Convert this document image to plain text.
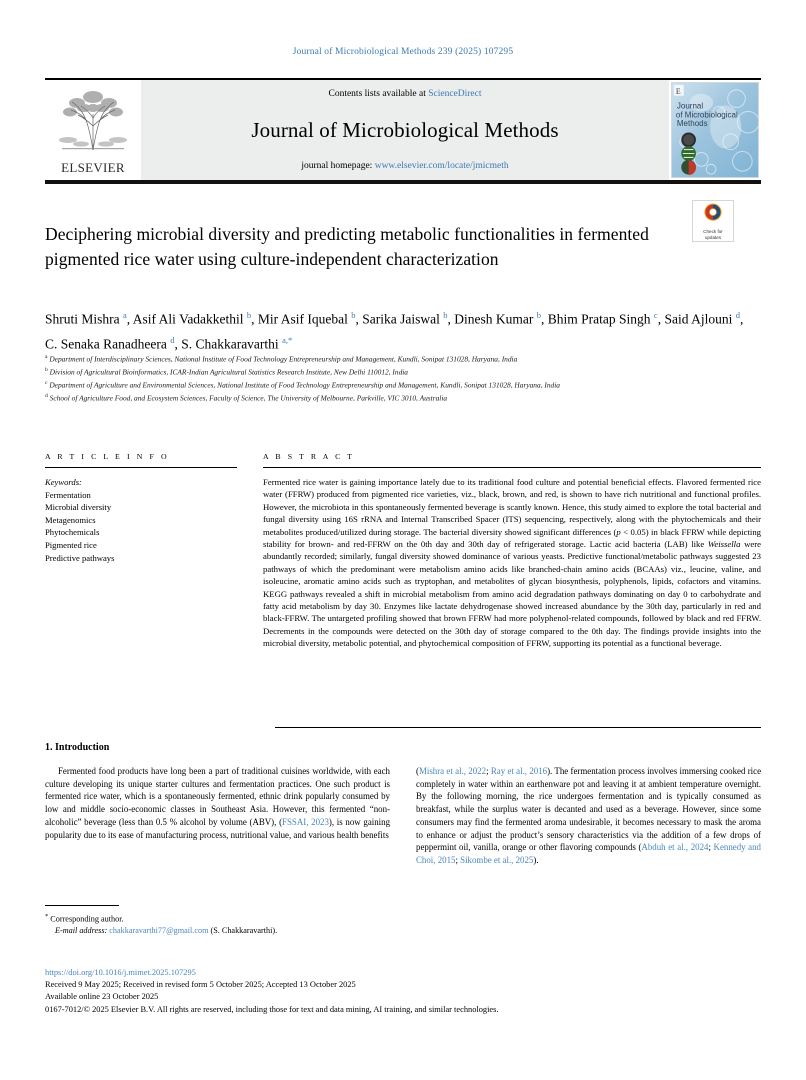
Journal of Microbiological Methods 239 (2025) 107295
ELSEVIER
Contents lists available at ScienceDirect
Journal of Microbiological Methods
journal homepage: www.elsevier.com/locate/jmicmeth
E
Journal
of Microbiological
Methods
Check for
updates
Deciphering microbial diversity and predicting metabolic functionalities in fermented pigmented rice water using culture-independent characterization
Shruti Mishra $^a$, Asif Ali Vadakkethil $^b$, Mir Asif Iquebal $^b$, Sarika Jaiswal $^b$, Dinesh Kumar $^b$, Bhim Pratap Singh $^c$, Said Ajlouni $^d$, C. Senaka Ranadheera $^d$, S. Chakkaravarthi $^{a,*}$
$^a$ Department of Interdisciplinary Sciences, National Institute of Food Technology Entrepreneurship and Management, Kundli, Sonipat 131028, Haryana, India
$^b$ Division of Agricultural Bioinformatics, ICAR-Indian Agricultural Statistics Research Institute, New Delhi 110012, India
$^c$ Department of Agriculture and Environmental Sciences, National Institute of Food Technology Entrepreneurship and Management, Kundli, Sonipat 131028, Haryana, India
$^d$ School of Agriculture Food, and Ecosystem Sciences, Faculty of Science, The University of Melbourne, Parkville, VIC 3010, Australia
A R T I C L E I N F O
Keywords:
Fermentation
Microbial diversity
Metagenomics
Phytochemicals
Pigmented rice
Predictive pathways
A B S T R A C T
Fermented rice water is gaining importance lately due to its traditional food culture and potential beneficial effects. Flavored fermented rice water (FFRW) produced from pigmented rice varieties, viz., black, brown, and red, is shown to have rich nutritional and functional profiles. However, the microbiota in this spontaneously fermented beverage is scantly known. Hence, this study aimed to explore the total bacterial and fungal diversity using 16S rRNA and Internal Transcribed Spacer (ITS) sequencing, respectively, along with the phytochemicals and their metabolites produced/utilized during storage. The bacterial diversity showed significant differences (p < 0.05) in black FFRW while depicting stability for brown- and red-FFRW on the 0th day and 30th day of refrigerated storage. Lactic acid bacteria (LAB) like Weissella were abundantly recorded; similarly, fungal diversity showed dominance of various yeasts. Predictive functional/metabolic pathways suggested 23 pathways of which the predominant were metabolism amino acids like branched-chain amino acids (BCAAs) viz., leucine, valine, and isoleucine, aromatic amino acids such as tryptophan, and metabolites of glycan biosynthesis, polyphenols, lipids, cofactors and vitamins. KEGG pathways revealed a shift in microbial metabolism from amino acid degradation pathways dominating on day 0 to carbohydrate and fatty acid metabolism by day 30. Enzymes like lactate dehydrogenase showed increased abundance by the 30th day, particularly in red and black-FFRW. The untargeted profiling showed that brown FFRW had more polyphenol-related compounds, followed by black and red FFRW. Decrements in the compounds were detected on the 30th day of storage compared to the 0th day. The findings provide insights into the microbial diversity, metabolic potential, and phytochemical composition of FFRW, supporting its potential as a functional beverage.
1. Introduction

Fermented food products have long been a part of traditional cuisines worldwide, with each culture developing its unique starter cultures and fermentation practices. One such product is fermented rice water, which is a spontaneously fermented, ethnic drink popularly consumed by low and middle socio-economic classes in Southeast Asia. However, this fermented “non-alcoholic” beverage (less than 0.5 % alcohol by volume (ABV), (FSSAI, 2023), is now gaining popularity due to its ease of manufacturing process, nutritional value, and various health benefits

(Mishra et al., 2022; Ray et al., 2016). The fermentation process involves immersing cooked rice completely in water within an earthenware pot and leaving it at ambient temperature overnight. By the following morning, the rice undergoes fermentation and is typically consumed as breakfast, while the surplus water is decanted and used as a beverage. However, since some consumers may find the fermented aroma undesirable, it becomes necessary to mask the aroma to enhance or adjust the product’s sensory characteristics via the addition of a few drops of peppermint oil, vanilla, orange or other flavoring compounds (Abduh et al., 2024; Kennedy and Choi, 2015; Sikombe et al., 2025).

* Corresponding author.
E-mail address: chakkaravarthi77@gmail.com (S. Chakkaravarthi).
https://doi.org/10.1016/j.mimet.2025.107295
Received 9 May 2025; Received in revised form 5 October 2025; Accepted 13 October 2025
Available online 23 October 2025
0167-7012/© 2025 Elsevier B.V. All rights are reserved, including those for text and data mining, AI training, and similar technologies.
